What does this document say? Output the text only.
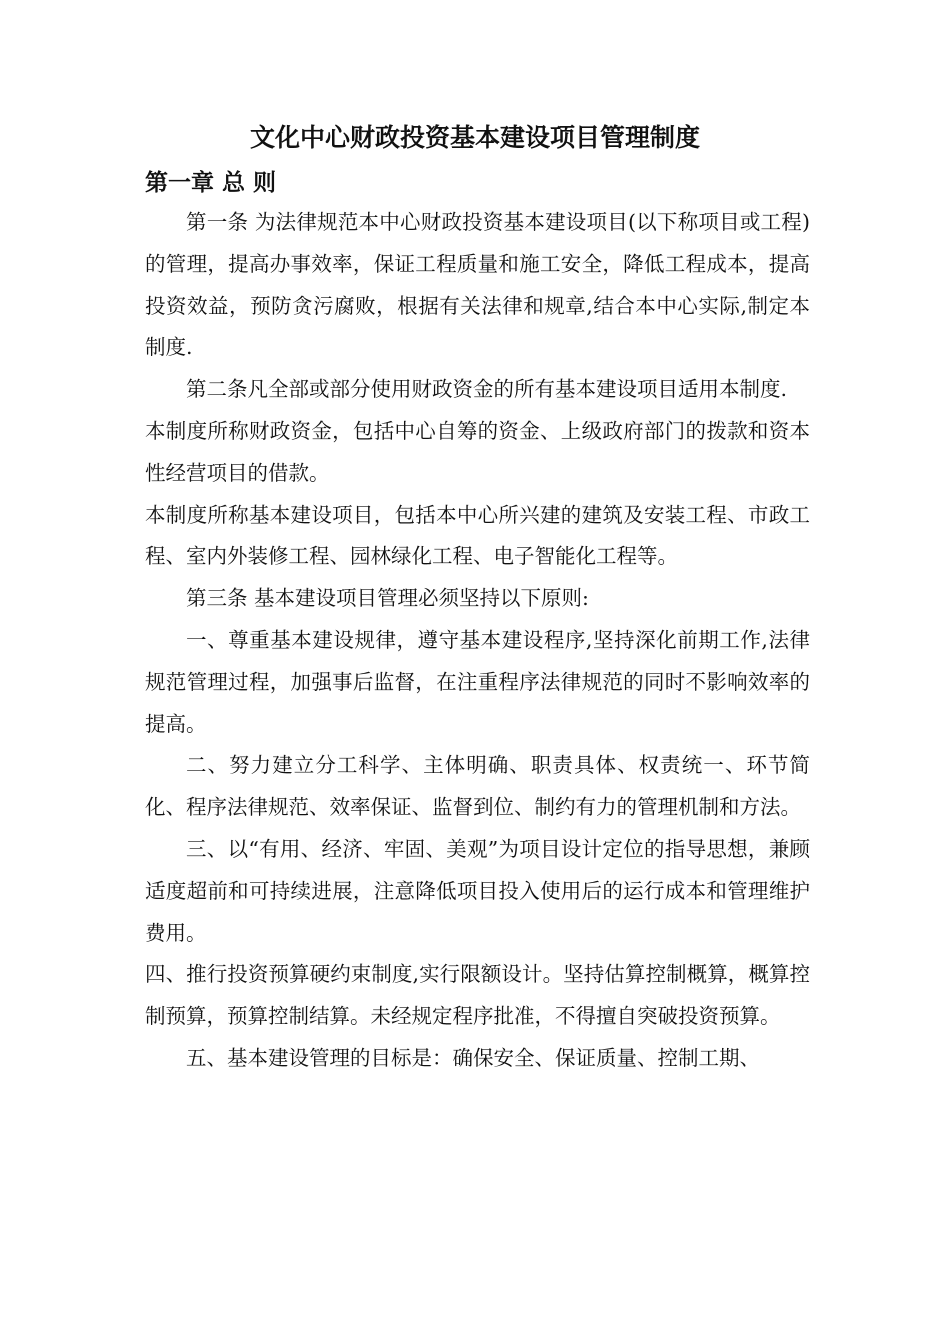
文化中心财政投资基本建设项目管理制度
第一章 总 则

第一条 为法律规范本中心财政投资基本建设项目(以下称项目或工程)的管理，提高办事效率，保证工程质量和施工安全，降低工程成本，提高投资效益，预防贪污腐败，根据有关法律和规章,结合本中心实际,制定本制度.

第二条凡全部或部分使用财政资金的所有基本建设项目适用本制度.

本制度所称财政资金，包括中心自筹的资金、上级政府部门的拨款和资本性经营项目的借款。

本制度所称基本建设项目，包括本中心所兴建的建筑及安装工程、市政工程、室内外装修工程、园林绿化工程、电子智能化工程等。

第三条 基本建设项目管理必须坚持以下原则:

一、尊重基本建设规律，遵守基本建设程序,坚持深化前期工作,法律规范管理过程，加强事后监督，在注重程序法律规范的同时不影响效率的提高。

二、努力建立分工科学、主体明确、职责具体、权责统一、环节简化、程序法律规范、效率保证、监督到位、制约有力的管理机制和方法。

三、以“有用、经济、牢固、美观”为项目设计定位的指导思想，兼顾适度超前和可持续进展，注意降低项目投入使用后的运行成本和管理维护费用。

四、推行投资预算硬约束制度,实行限额设计。坚持估算控制概算，概算控制预算，预算控制结算。未经规定程序批准，不得擅自突破投资预算。

五、基本建设管理的目标是：确保安全、保证质量、控制工期、
